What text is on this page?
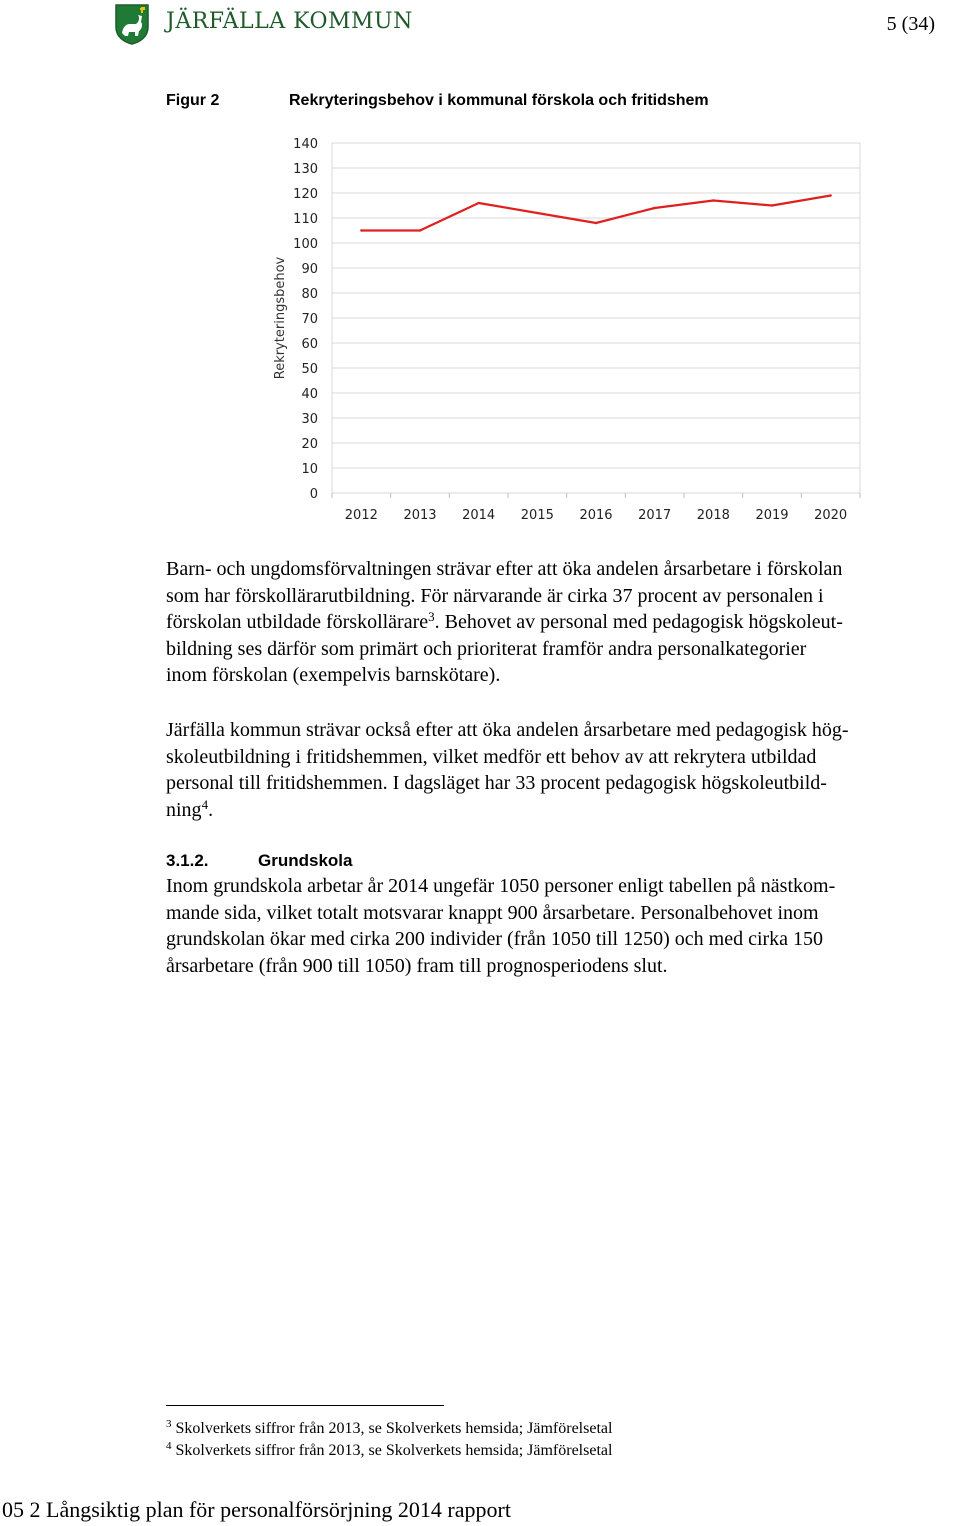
JÄRFÄLLA KOMMUN	5 (34)
Figur 2	Rekryteringsbehov i kommunal förskola och fritidshem
0
10
20
30
40
50
60
70
80
90
100
110
120
130
140
2012 2013 2014 2015 2016 2017 2018 2019 2020
Rekryteringsbehov
Barn- och ungdomsförvaltningen strävar efter att öka andelen årsarbetare i förskolan
som har förskollärarutbildning. För närvarande är cirka 37 procent av personalen i
förskolan utbildade förskollärare$^3$. Behovet av personal med pedagogisk högskoleut-
bildning ses därför som primärt och prioriterat framför andra personalkategorier
inom förskolan (exempelvis barnskötare).
Järfälla kommun strävar också efter att öka andelen årsarbetare med pedagogisk hög-
skoleutbildning i fritidshemmen, vilket medför ett behov av att rekrytera utbildad
personal till fritidshemmen. I dagsläget har 33 procent pedagogisk högskoleutbild-
ning$^4$.
3.1.2.	Grundskola
Inom grundskola arbetar år 2014 ungefär 1050 personer enligt tabellen på nästkom-
mande sida, vilket totalt motsvarar knappt 900 årsarbetare. Personalbehovet inom
grundskolan ökar med cirka 200 individer (från 1050 till 1250) och med cirka 150
årsarbetare (från 900 till 1050) fram till prognosperiodens slut.
$^3$ Skolverkets siffror från 2013, se Skolverkets hemsida; Jämförelsetal
$^4$ Skolverkets siffror från 2013, se Skolverkets hemsida; Jämförelsetal
05 2 Långsiktig plan för personalförsörjning 2014 rapport
